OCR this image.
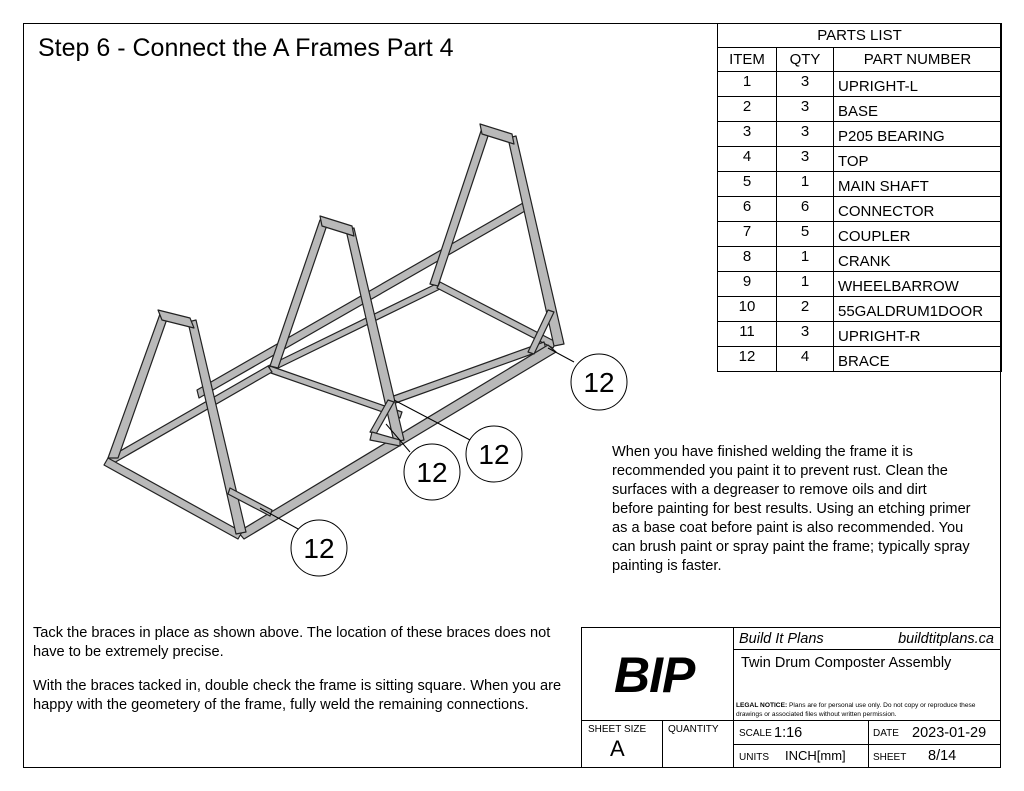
Step 6 - Connect the A Frames Part 4	PARTS LIST		
ITEM	QTY	PART NUMBER
1	3	UPRIGHT-L
2	3	BASE
3	3	P205 BEARING
4	3	TOP
5	1	MAIN SHAFT
6	6	CONNECTOR
7	5	COUPLER
8	1	CRANK
9	1	WHEELBARROW
10	2	55GALDRUM1DOOR
11	3	UPRIGHT-R
12	4	BRACE
12
12
12
12
When you have finished welding the frame it is recommended you paint it to prevent rust. Clean the surfaces with a degreaser to remove oils and dirt before painting for best results. Using an etching primer as a base coat before paint is also recommended. You can brush paint or spray paint the frame; typically spray painting is faster.

Tack the braces in place as shown above. The location of these braces does not have to be extremely precise.

With the braces tacked in, double check the frame is sitting square. When you are happy with the geometery of the frame, fully weld the remaining connections.

BIP
Build It Plans	buildtitplans.ca
Twin Drum Composter Assembly
LEGAL NOTICE: Plans are for personal use only. Do not copy or reproduce these drawings or associated files without written permission.
SHEET SIZE
A
QUANTITY SCALE 1:16	DATE 2023-01-29
UNITS INCH[mm]	SHEET 8/14
